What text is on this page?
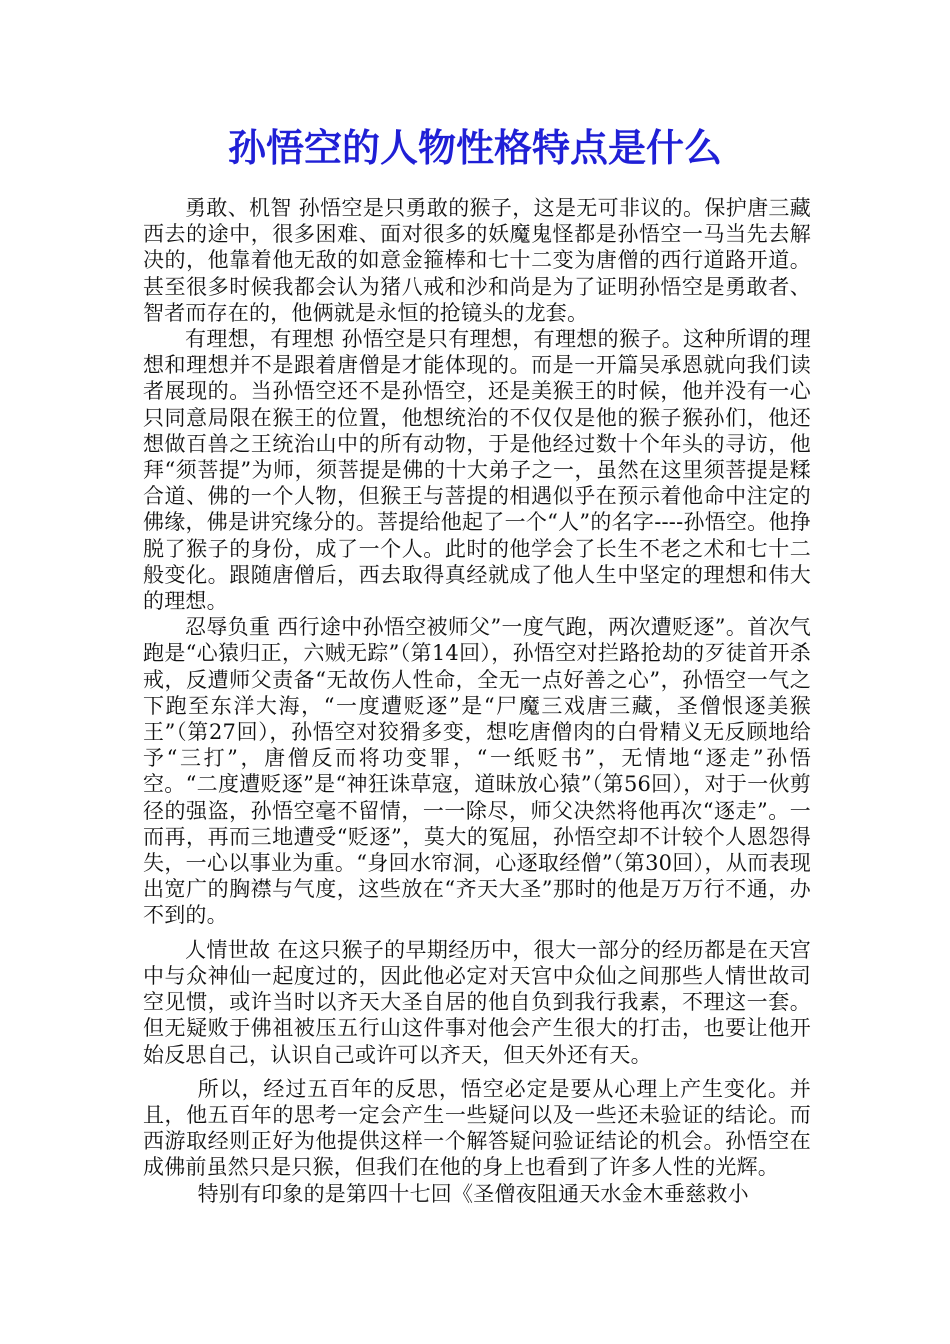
孙悟空的人物性格特点是什么

勇敢、机智 孙悟空是只勇敢的猴子，这是无可非议的。保护唐三藏西去的途中，很多困难、面对很多的妖魔鬼怪都是孙悟空一马当先去解决的，他靠着他无敌的如意金箍棒和七十二变为唐僧的西行道路开道。甚至很多时候我都会认为猪八戒和沙和尚是为了证明孙悟空是勇敢者、智者而存在的，他俩就是永恒的抢镜头的龙套。

有理想，有理想 孙悟空是只有理想，有理想的猴子。这种所谓的理想和理想并不是跟着唐僧是才能体现的。而是一开篇吴承恩就向我们读者展现的。当孙悟空还不是孙悟空，还是美猴王的时候，他并没有一心只同意局限在猴王的位置，他想统治的不仅仅是他的猴子猴孙们，他还想做百兽之王统治山中的所有动物，于是他经过数十个年头的寻访，他拜“须菩提”为师，须菩提是佛的十大弟子之一，虽然在这里须菩提是糅合道、佛的一个人物，但猴王与菩提的相遇似乎在预示着他命中注定的佛缘，佛是讲究缘分的。菩提给他起了一个“人”的名字----孙悟空。他挣脱了猴子的身份，成了一个人。此时的他学会了长生不老之术和七十二般变化。跟随唐僧后，西去取得真经就成了他人生中坚定的理想和伟大的理想。

忍辱负重 西行途中孙悟空被师父”一度气跑，两次遭贬逐”。首次气跑是“心猿归正，六贼无踪”（第14回），孙悟空对拦路抢劫的歹徒首开杀戒，反遭师父责备“无故伤人性命，全无一点好善之心”，孙悟空一气之下跑至东洋大海，“一度遭贬逐”是“尸魔三戏唐三藏，圣僧恨逐美猴王”（第27回），孙悟空对狡猾多变，想吃唐僧肉的白骨精义无反顾地给予“三打”，唐僧反而将功变罪，“一纸贬书”，无情地“逐走”孙悟空。“二度遭贬逐”是“神狂诛草寇，道昧放心猿”（第56回），对于一伙剪径的强盗，孙悟空毫不留情，一一除尽，师父决然将他再次“逐走”。一而再，再而三地遭受“贬逐”，莫大的冤屈，孙悟空却不计较个人恩怨得失，一心以事业为重。“身回水帘洞，心逐取经僧”（第30回），从而表现出宽广的胸襟与气度，这些放在“齐天大圣”那时的他是万万行不通，办不到的。

人情世故 在这只猴子的早期经历中，很大一部分的经历都是在天宫中与众神仙一起度过的，因此他必定对天宫中众仙之间那些人情世故司空见惯，或许当时以齐天大圣自居的他自负到我行我素，不理这一套。但无疑败于佛祖被压五行山这件事对他会产生很大的打击，也要让他开始反思自己，认识自己或许可以齐天，但天外还有天。

所以，经过五百年的反思，悟空必定是要从心理上产生变化。并且，他五百年的思考一定会产生一些疑问以及一些还未验证的结论。而西游取经则正好为他提供这样一个解答疑问验证结论的机会。孙悟空在成佛前虽然只是只猴，但我们在他的身上也看到了许多人性的光辉。

特别有印象的是第四十七回《圣僧夜阻通天水金木垂慈救小
